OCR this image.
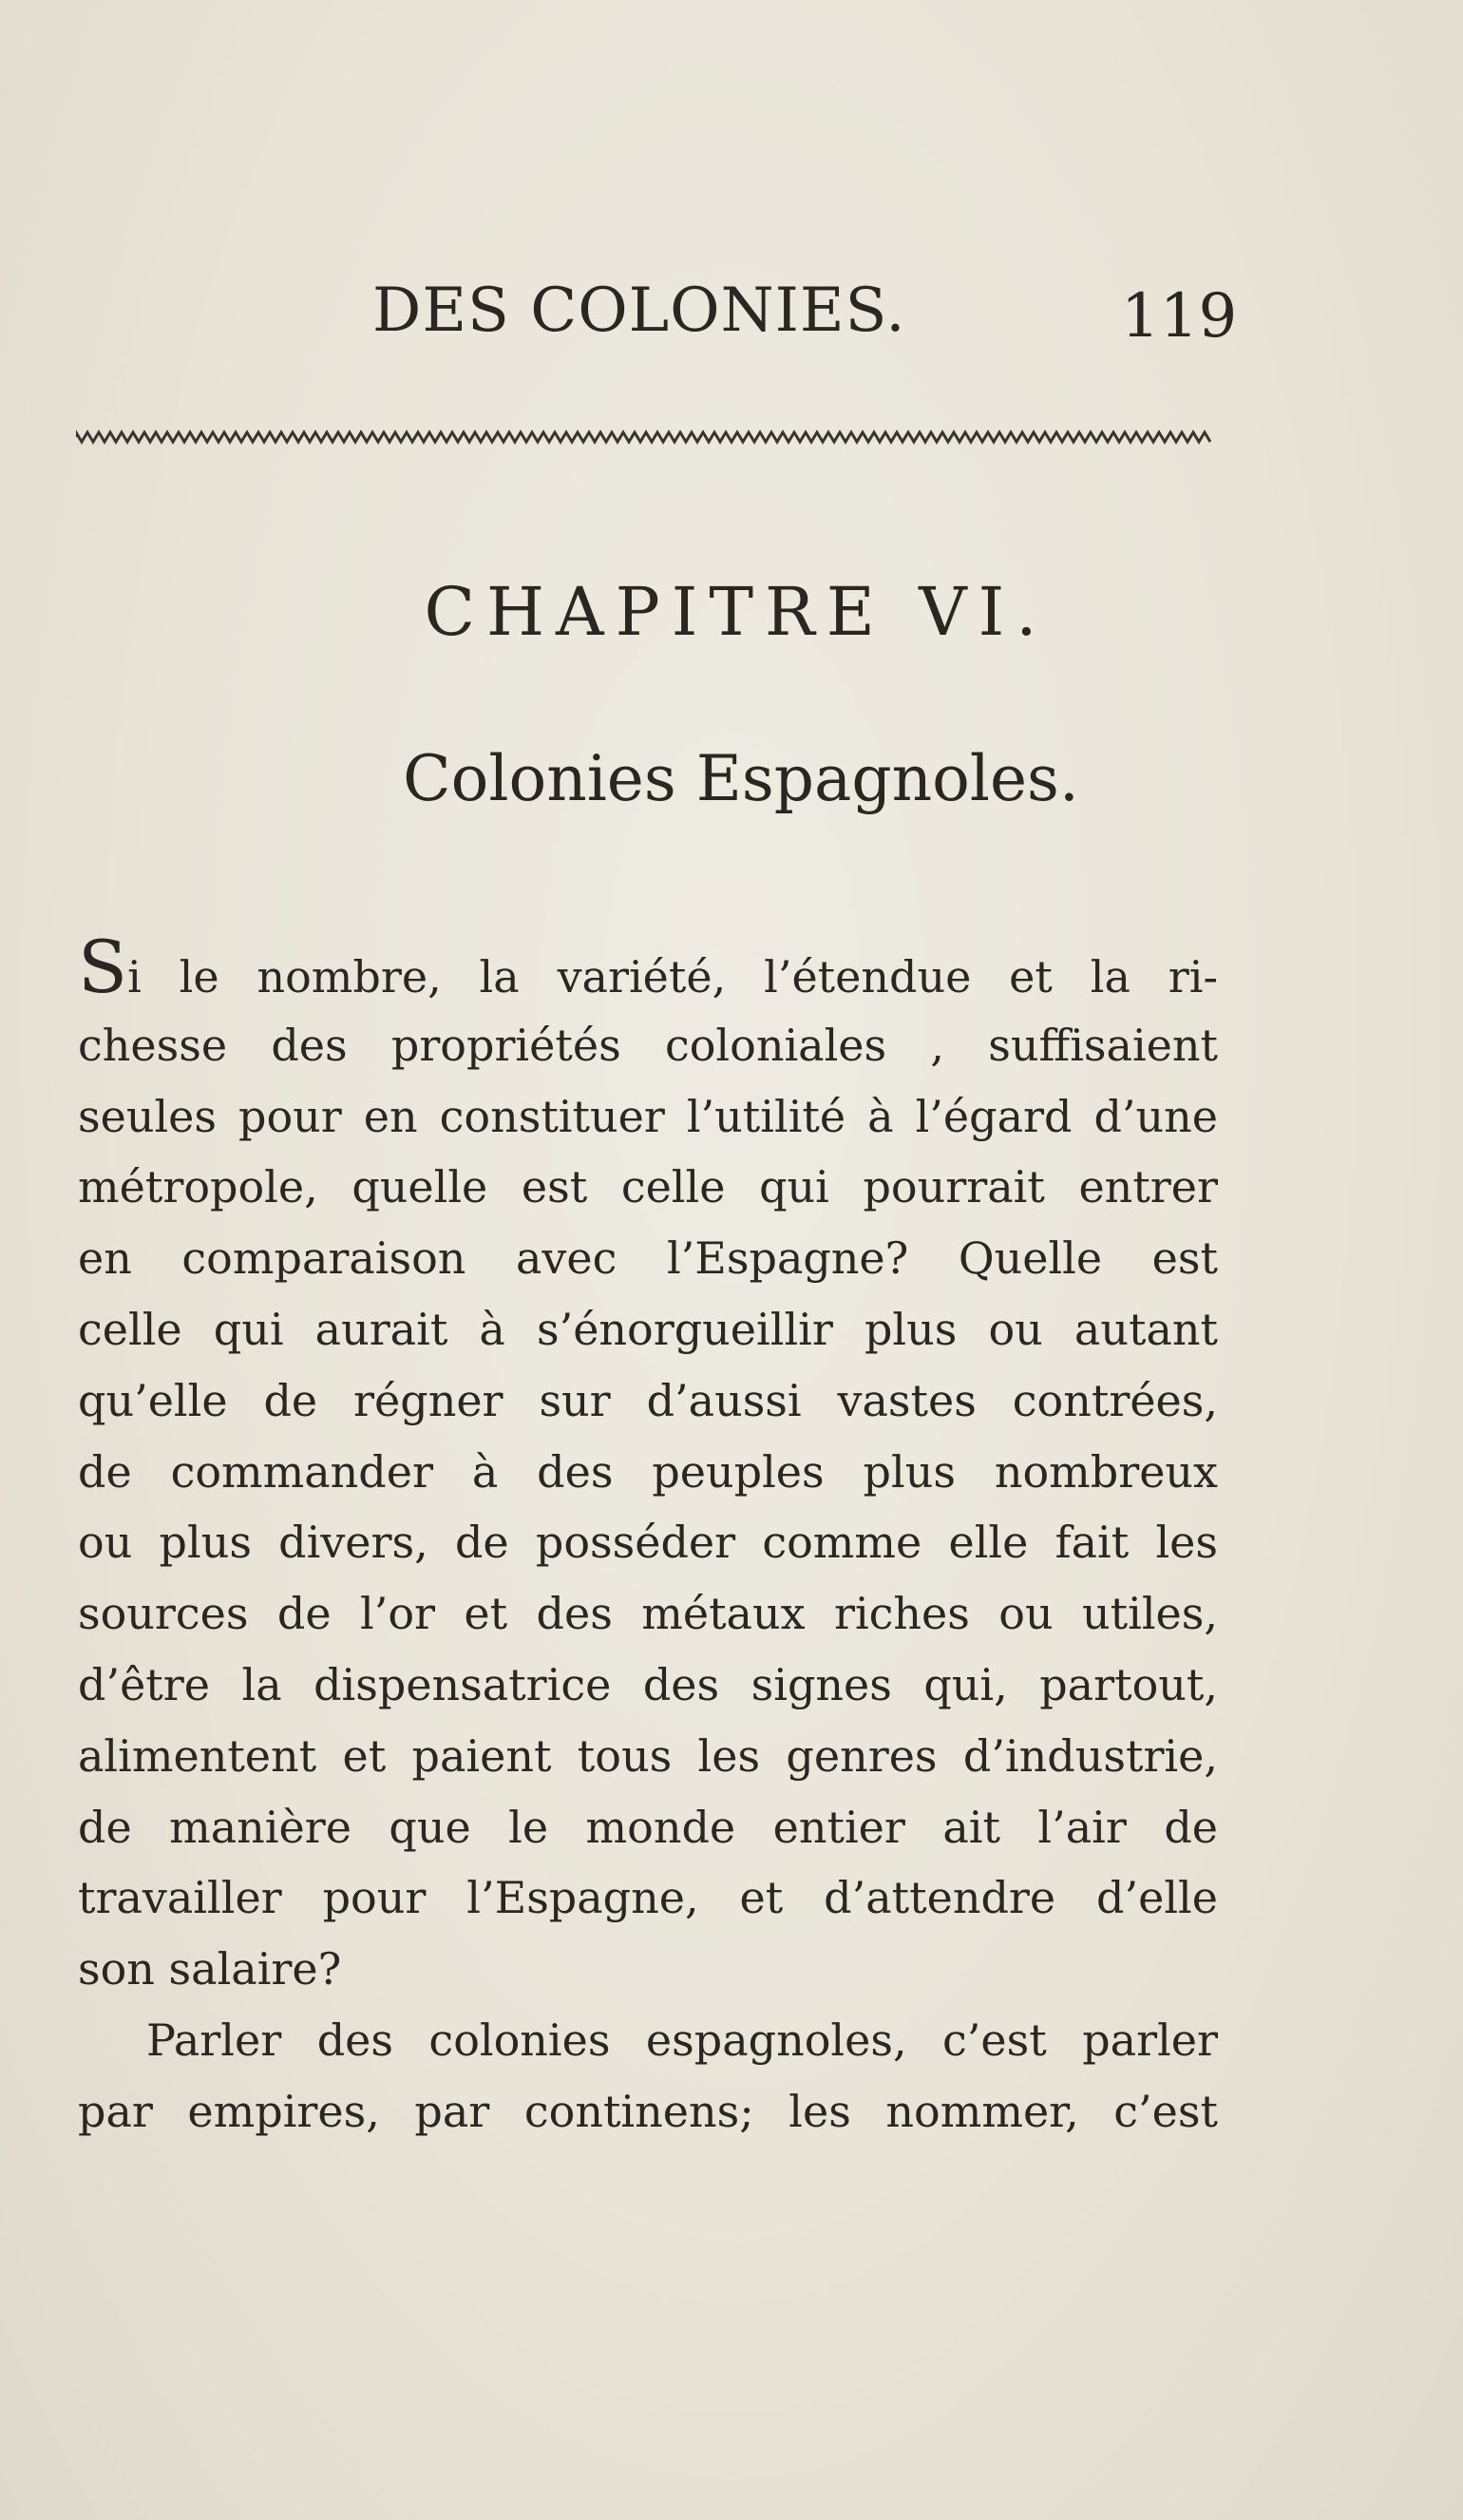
DES COLONIES.	119
CHAPITRE VI.
Colonies Espagnoles.
Si le nombre, la variété, l’étendue et la ri-
chesse des propriétés coloniales , suffisaient
seules pour en constituer l’utilité à l’égard d’une
métropole, quelle est celle qui pourrait entrer
en comparaison avec l’Espagne? Quelle est
celle qui aurait à s’énorgueillir plus ou autant
qu’elle de régner sur d’aussi vastes contrées,
de commander à des peuples plus nombreux
ou plus divers, de posséder comme elle fait les
sources de l’or et des métaux riches ou utiles,
d’être la dispensatrice des signes qui, partout,
alimentent et paient tous les genres d’industrie,
de manière que le monde entier ait l’air de
travailler pour l’Espagne, et d’attendre d’elle
son salaire?
Parler des colonies espagnoles, c’est parler
par empires, par continens; les nommer, c’est
